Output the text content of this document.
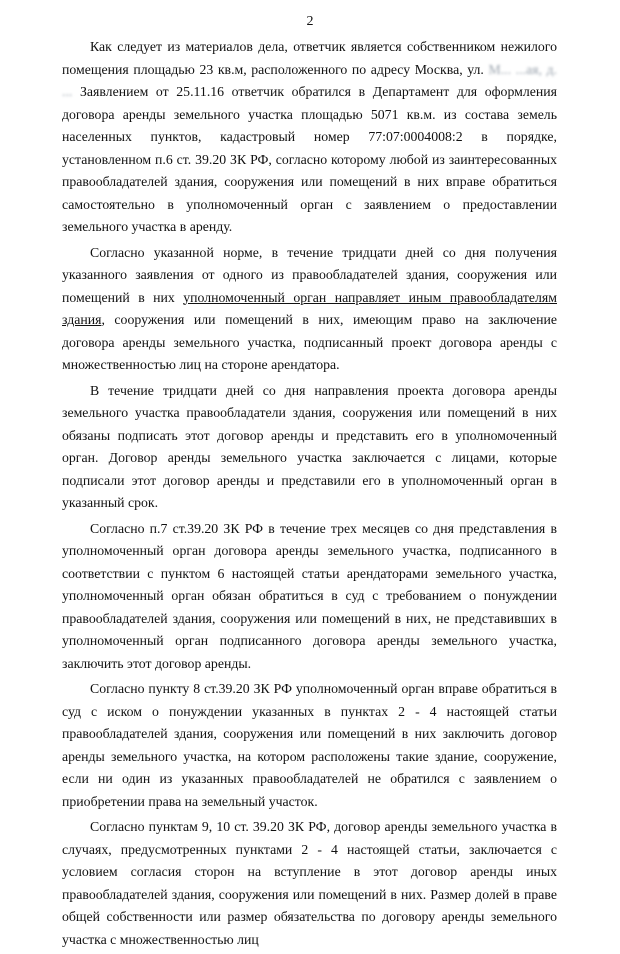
2

Как следует из материалов дела, ответчик является собственником нежилого помещения площадью 23 кв.м, расположенного по адресу Москва, ул. М... ...ая, д. ... Заявлением от 25.11.16 ответчик обратился в Департамент для оформления договора аренды земельного участка площадью 5071 кв.м. из состава земель населенных пунктов, кадастровый номер 77:07:0004008:2 в порядке, установленном п.6 ст. 39.20 ЗК РФ, согласно которому любой из заинтересованных правообладателей здания, сооружения или помещений в них вправе обратиться самостоятельно в уполномоченный орган с заявлением о предоставлении земельного участка в аренду.

Согласно указанной норме, в течение тридцати дней со дня получения указанного заявления от одного из правообладателей здания, сооружения или помещений в них уполномоченный орган направляет иным правообладателям здания, сооружения или помещений в них, имеющим право на заключение договора аренды земельного участка, подписанный проект договора аренды с множественностью лиц на стороне арендатора.

В течение тридцати дней со дня направления проекта договора аренды земельного участка правообладатели здания, сооружения или помещений в них обязаны подписать этот договор аренды и представить его в уполномоченный орган. Договор аренды земельного участка заключается с лицами, которые подписали этот договор аренды и представили его в уполномоченный орган в указанный срок.

Согласно п.7 ст.39.20 ЗК РФ в течение трех месяцев со дня представления в уполномоченный орган договора аренды земельного участка, подписанного в соответствии с пунктом 6 настоящей статьи арендаторами земельного участка, уполномоченный орган обязан обратиться в суд с требованием о понуждении правообладателей здания, сооружения или помещений в них, не представивших в уполномоченный орган подписанного договора аренды земельного участка, заключить этот договор аренды.

Согласно пункту 8 ст.39.20 ЗК РФ уполномоченный орган вправе обратиться в суд с иском о понуждении указанных в пунктах 2 - 4 настоящей статьи правообладателей здания, сооружения или помещений в них заключить договор аренды земельного участка, на котором расположены такие здание, сооружение, если ни один из указанных правообладателей не обратился с заявлением о приобретении права на земельный участок.

Согласно пунктам 9, 10 ст. 39.20 ЗК РФ, договор аренды земельного участка в случаях, предусмотренных пунктами 2 - 4 настоящей статьи, заключается с условием согласия сторон на вступление в этот договор аренды иных правообладателей здания, сооружения или помещений в них. Размер долей в праве общей собственности или размер обязательства по договору аренды земельного участка с множественностью лиц
